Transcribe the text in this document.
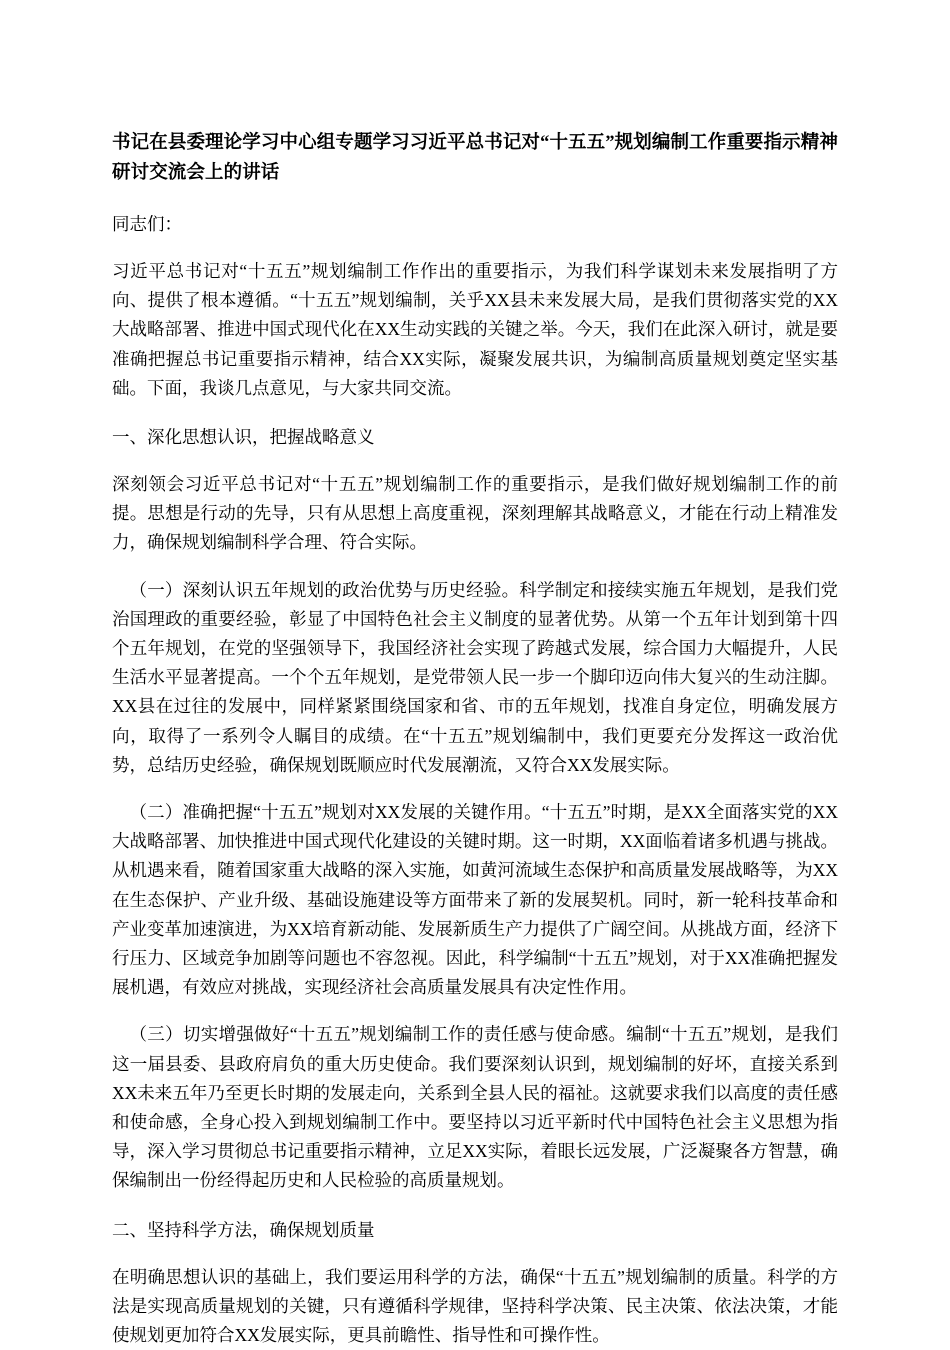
书记在县委理论学习中心组专题学习习近平总书记对“十五五”规划编制工作重要指示精神研讨交流会上的讲话

同志们：

习近平总书记对“十五五”规划编制工作作出的重要指示，为我们科学谋划未来发展指明了方向、提供了根本遵循。“十五五”规划编制，关乎XX县未来发展大局，是我们贯彻落实党的XX大战略部署、推进中国式现代化在XX生动实践的关键之举。今天，我们在此深入研讨，就是要准确把握总书记重要指示精神，结合XX实际，凝聚发展共识，为编制高质量规划奠定坚实基础。下面，我谈几点意见，与大家共同交流。

一、深化思想认识，把握战略意义

深刻领会习近平总书记对“十五五”规划编制工作的重要指示，是我们做好规划编制工作的前提。思想是行动的先导，只有从思想上高度重视，深刻理解其战略意义，才能在行动上精准发力，确保规划编制科学合理、符合实际。

（一）深刻认识五年规划的政治优势与历史经验。科学制定和接续实施五年规划，是我们党治国理政的重要经验，彰显了中国特色社会主义制度的显著优势。从第一个五年计划到第十四个五年规划，在党的坚强领导下，我国经济社会实现了跨越式发展，综合国力大幅提升，人民生活水平显著提高。一个个五年规划，是党带领人民一步一个脚印迈向伟大复兴的生动注脚。XX县在过往的发展中，同样紧紧围绕国家和省、市的五年规划，找准自身定位，明确发展方向，取得了一系列令人瞩目的成绩。在“十五五”规划编制中，我们更要充分发挥这一政治优势，总结历史经验，确保规划既顺应时代发展潮流，又符合XX发展实际。

（二）准确把握“十五五”规划对XX发展的关键作用。“十五五”时期，是XX全面落实党的XX大战略部署、加快推进中国式现代化建设的关键时期。这一时期，XX面临着诸多机遇与挑战。从机遇来看，随着国家重大战略的深入实施，如黄河流域生态保护和高质量发展战略等，为XX在生态保护、产业升级、基础设施建设等方面带来了新的发展契机。同时，新一轮科技革命和产业变革加速演进，为XX培育新动能、发展新质生产力提供了广阔空间。从挑战方面，经济下行压力、区域竞争加剧等问题也不容忽视。因此，科学编制“十五五”规划，对于XX准确把握发展机遇，有效应对挑战，实现经济社会高质量发展具有决定性作用。

（三）切实增强做好“十五五”规划编制工作的责任感与使命感。编制“十五五”规划，是我们这一届县委、县政府肩负的重大历史使命。我们要深刻认识到，规划编制的好坏，直接关系到XX未来五年乃至更长时期的发展走向，关系到全县人民的福祉。这就要求我们以高度的责任感和使命感，全身心投入到规划编制工作中。要坚持以习近平新时代中国特色社会主义思想为指导，深入学习贯彻总书记重要指示精神，立足XX实际，着眼长远发展，广泛凝聚各方智慧，确保编制出一份经得起历史和人民检验的高质量规划。

二、坚持科学方法，确保规划质量

在明确思想认识的基础上，我们要运用科学的方法，确保“十五五”规划编制的质量。科学的方法是实现高质量规划的关键，只有遵循科学规律，坚持科学决策、民主决策、依法决策，才能使规划更加符合XX发展实际，更具前瞻性、指导性和可操作性。
